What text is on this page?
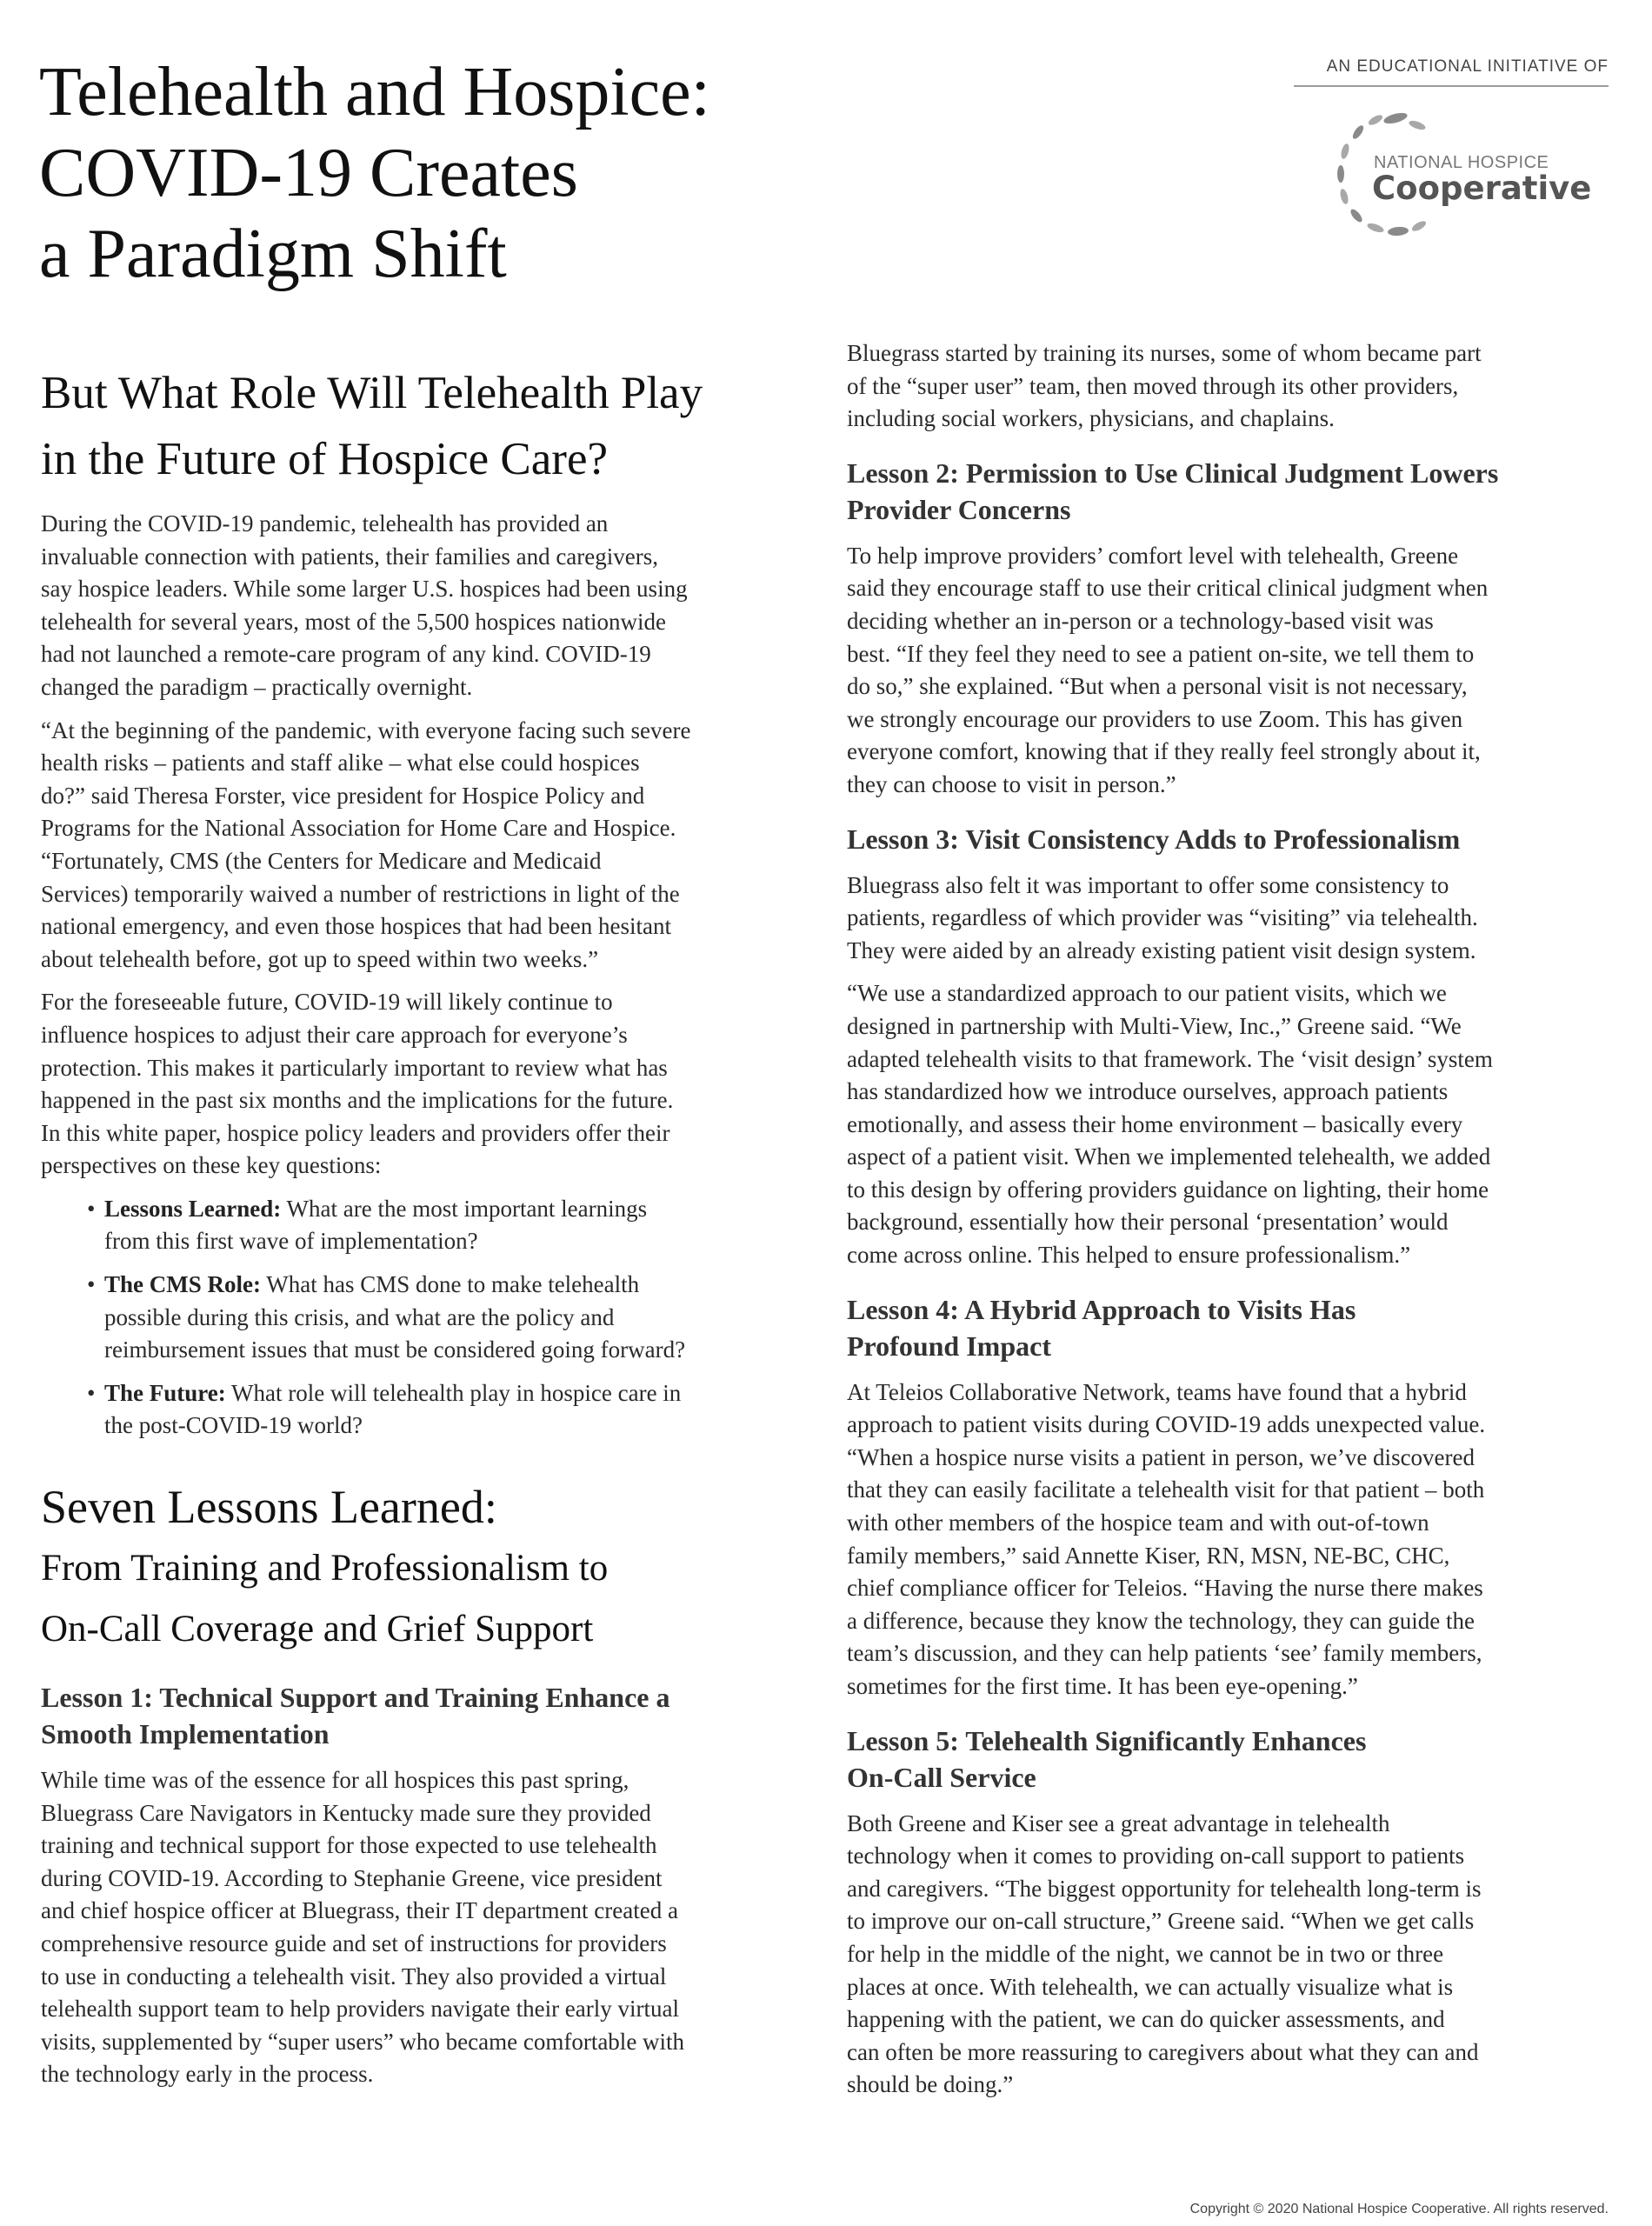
Telehealth and Hospice:
COVID-19 Creates
a Paradigm Shift
AN EDUCATIONAL INITIATIVE OF
NATIONAL HOSPICE
Cooperative
But What Role Will Telehealth Play
in the Future of Hospice Care?

During the COVID-19 pandemic, telehealth has provided an
invaluable connection with patients, their families and caregivers,
say hospice leaders. While some larger U.S. hospices had been using
telehealth for several years, most of the 5,500 hospices nationwide
had not launched a remote-care program of any kind. COVID-19
changed the paradigm – practically overnight.

“At the beginning of the pandemic, with everyone facing such severe
health risks – patients and staff alike – what else could hospices
do?” said Theresa Forster, vice president for Hospice Policy and
Programs for the National Association for Home Care and Hospice.
“Fortunately, CMS (the Centers for Medicare and Medicaid
Services) temporarily waived a number of restrictions in light of the
national emergency, and even those hospices that had been hesitant
about telehealth before, got up to speed within two weeks.”

For the foreseeable future, COVID-19 will likely continue to
influence hospices to adjust their care approach for everyone’s
protection. This makes it particularly important to review what has
happened in the past six months and the implications for the future.
In this white paper, hospice policy leaders and providers offer their
perspectives on these key questions:

• Lessons Learned: What are the most important learnings
from this first wave of implementation?
• The CMS Role: What has CMS done to make telehealth
possible during this crisis, and what are the policy and
reimbursement issues that must be considered going forward?
• The Future: What role will telehealth play in hospice care in
the post-COVID-19 world?
Seven Lessons Learned:
From Training and Professionalism to
On-Call Coverage and Grief Support
Lesson 1: Technical Support and Training Enhance a
Smooth Implementation

While time was of the essence for all hospices this past spring,
Bluegrass Care Navigators in Kentucky made sure they provided
training and technical support for those expected to use telehealth
during COVID-19. According to Stephanie Greene, vice president
and chief hospice officer at Bluegrass, their IT department created a
comprehensive resource guide and set of instructions for providers
to use in conducting a telehealth visit. They also provided a virtual
telehealth support team to help providers navigate their early virtual
visits, supplemented by “super users” who became comfortable with
the technology early in the process.

Bluegrass started by training its nurses, some of whom became part
of the “super user” team, then moved through its other providers,
including social workers, physicians, and chaplains.

Lesson 2: Permission to Use Clinical Judgment Lowers
Provider Concerns

To help improve providers’ comfort level with telehealth, Greene
said they encourage staff to use their critical clinical judgment when
deciding whether an in-person or a technology-based visit was
best. “If they feel they need to see a patient on-site, we tell them to
do so,” she explained. “But when a personal visit is not necessary,
we strongly encourage our providers to use Zoom. This has given
everyone comfort, knowing that if they really feel strongly about it,
they can choose to visit in person.”

Lesson 3: Visit Consistency Adds to Professionalism

Bluegrass also felt it was important to offer some consistency to
patients, regardless of which provider was “visiting” via telehealth.
They were aided by an already existing patient visit design system.

“We use a standardized approach to our patient visits, which we
designed in partnership with Multi-View, Inc.,” Greene said. “We
adapted telehealth visits to that framework. The ‘visit design’ system
has standardized how we introduce ourselves, approach patients
emotionally, and assess their home environment – basically every
aspect of a patient visit. When we implemented telehealth, we added
to this design by offering providers guidance on lighting, their home
background, essentially how their personal ‘presentation’ would
come across online. This helped to ensure professionalism.”

Lesson 4: A Hybrid Approach to Visits Has
Profound Impact

At Teleios Collaborative Network, teams have found that a hybrid
approach to patient visits during COVID-19 adds unexpected value.
“When a hospice nurse visits a patient in person, we’ve discovered
that they can easily facilitate a telehealth visit for that patient – both
with other members of the hospice team and with out-of-town
family members,” said Annette Kiser, RN, MSN, NE-BC, CHC,
chief compliance officer for Teleios. “Having the nurse there makes
a difference, because they know the technology, they can guide the
team’s discussion, and they can help patients ‘see’ family members,
sometimes for the first time. It has been eye-opening.”

Lesson 5: Telehealth Significantly Enhances
On-Call Service

Both Greene and Kiser see a great advantage in telehealth
technology when it comes to providing on-call support to patients
and caregivers. “The biggest opportunity for telehealth long-term is
to improve our on-call structure,” Greene said. “When we get calls
for help in the middle of the night, we cannot be in two or three
places at once. With telehealth, we can actually visualize what is
happening with the patient, we can do quicker assessments, and
can often be more reassuring to caregivers about what they can and
should be doing.”

Copyright © 2020 National Hospice Cooperative. All rights reserved.
